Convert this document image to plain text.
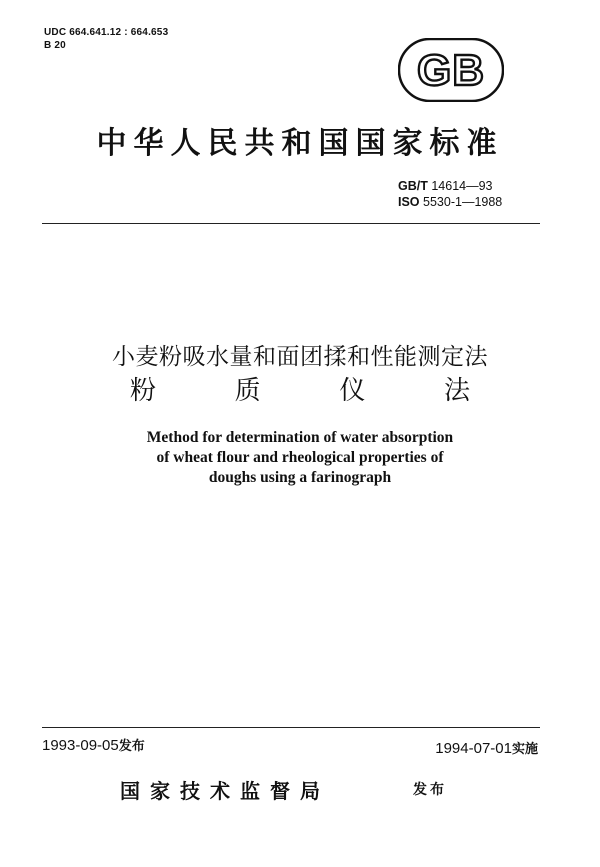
UDC 664.641.12 : 664.653
B 20
GB
中华人民共和国国家标准
GB/T 14614—93
ISO 5530-1—1988
小麦粉吸水量和面团揉和性能测定法
粉	质	仪	法
Method for determination of water absorption
of wheat flour and rheological properties of
doughs using a farinograph
1993-09-05发布	1994-07-01实施
国家技术监督局	发布
